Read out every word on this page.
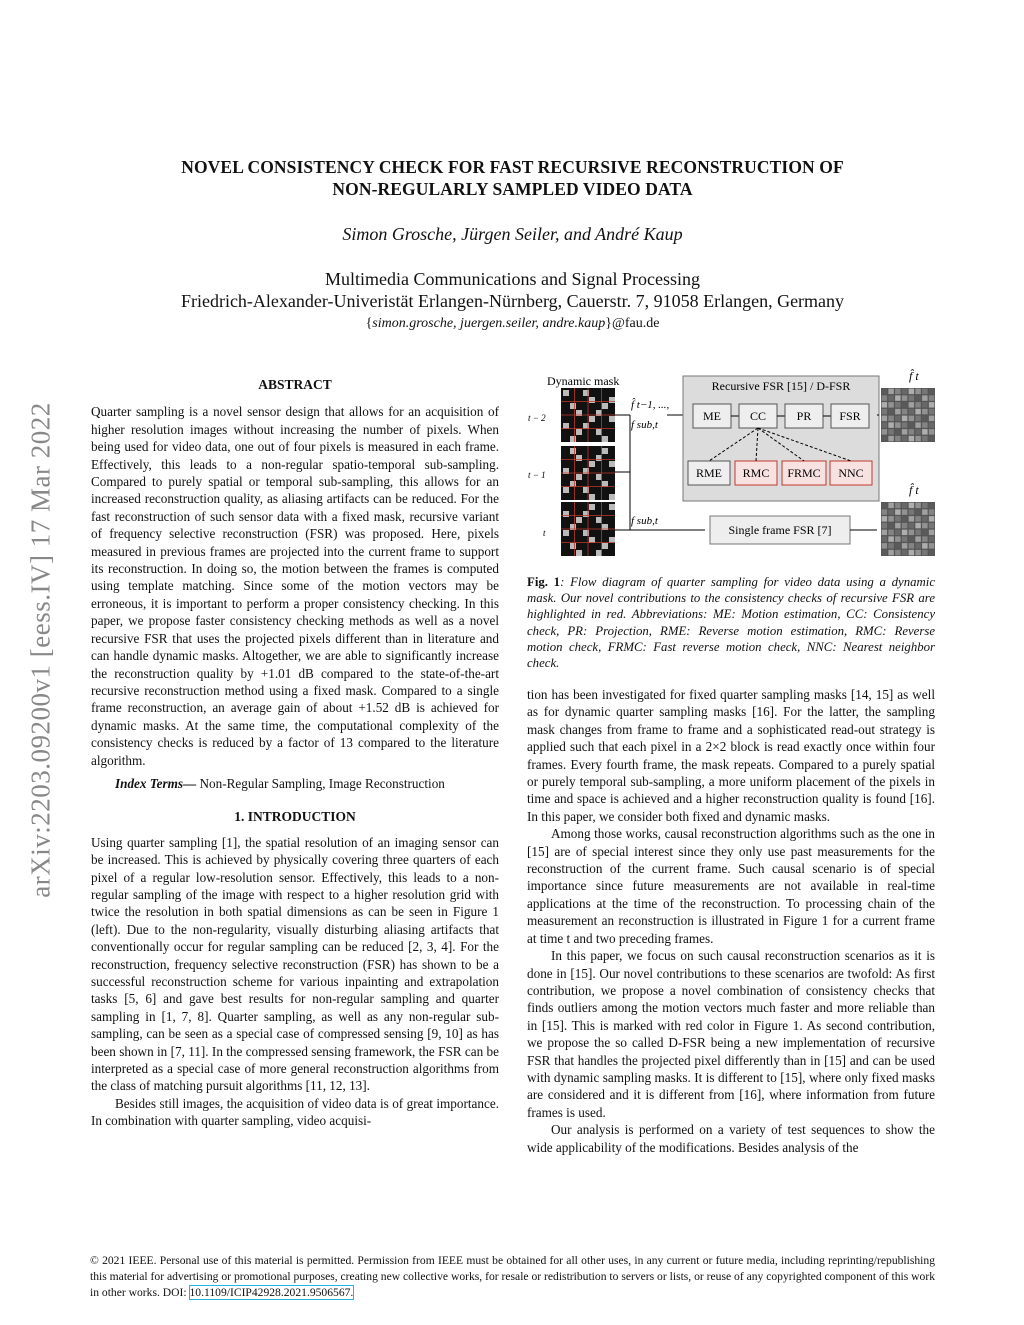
NOVEL CONSISTENCY CHECK FOR FAST RECURSIVE RECONSTRUCTION OF
NON-REGULARLY SAMPLED VIDEO DATA
Simon Grosche, Jürgen Seiler, and André Kaup
Multimedia Communications and Signal Processing
Friedrich-Alexander-Univeristät Erlangen-Nürnberg, Cauerstr. 7, 91058 Erlangen, Germany
{simon.grosche, juergen.seiler, andre.kaup}@fau.de
arXiv:2203.09200v1 [eess.IV] 17 Mar 2022
ABSTRACT

Quarter sampling is a novel sensor design that allows for an acquisition of higher resolution images without increasing the number of pixels. When being used for video data, one out of four pixels is measured in each frame. Effectively, this leads to a non-regular spatio-temporal sub-sampling. Compared to purely spatial or temporal sub-sampling, this allows for an increased reconstruction quality, as aliasing artifacts can be reduced. For the fast reconstruction of such sensor data with a fixed mask, recursive variant of frequency selective reconstruction (FSR) was proposed. Here, pixels measured in previous frames are projected into the current frame to support its reconstruction. In doing so, the motion between the frames is computed using template matching. Since some of the motion vectors may be erroneous, it is important to perform a proper consistency checking. In this paper, we propose faster consistency checking methods as well as a novel recursive FSR that uses the projected pixels different than in literature and can handle dynamic masks. Altogether, we are able to significantly increase the reconstruction quality by +1.01 dB compared to the state-of-the-art recursive reconstruction method using a fixed mask. Compared to a single frame reconstruction, an average gain of about +1.52 dB is achieved for dynamic masks. At the same time, the computational complexity of the consistency checks is reduced by a factor of 13 compared to the literature algorithm.

Index Terms— Non-Regular Sampling, Image Reconstruction

1. INTRODUCTION

Using quarter sampling [1], the spatial resolution of an imaging sensor can be increased. This is achieved by physically covering three quarters of each pixel of a regular low-resolution sensor. Effectively, this leads to a non-regular sampling of the image with respect to a higher resolution grid with twice the resolution in both spatial dimensions as can be seen in Figure 1 (left). Due to the non-regularity, visually disturbing aliasing artifacts that conventionally occur for regular sampling can be reduced [2, 3, 4]. For the reconstruction, frequency selective reconstruction (FSR) has shown to be a successful reconstruction scheme for various inpainting and extrapolation tasks [5, 6] and gave best results for non-regular sampling and quarter sampling in [1, 7, 8]. Quarter sampling, as well as any non-regular sub-sampling, can be seen as a special case of compressed sensing [9, 10] as has been shown in [7, 11]. In the compressed sensing framework, the FSR can be interpreted as a special case of more general reconstruction algorithms from the class of matching pursuit algorithms [11, 12, 13].

Besides still images, the acquisition of video data is of great importance. In combination with quarter sampling, video acquisi-

Dynamic mask
t − 2
t − 1
t
f̂ t−1, ...,
f sub,t
f sub,t
Recursive FSR [15] / D-FSR
ME CC	PR FSR
RME RMC FRMC NNC
Single frame FSR [7]
f̂ t
f̂ t
Fig. 1: Flow diagram of quarter sampling for video data using a dynamic mask. Our novel contributions to the consistency checks of recursive FSR are highlighted in red. Abbreviations: ME: Motion estimation, CC: Consistency check, PR: Projection, RME: Reverse motion estimation, RMC: Reverse motion check, FRMC: Fast reverse motion check, NNC: Nearest neighbor check.

tion has been investigated for fixed quarter sampling masks [14, 15] as well as for dynamic quarter sampling masks [16]. For the latter, the sampling mask changes from frame to frame and a sophisticated read-out strategy is applied such that each pixel in a 2×2 block is read exactly once within four frames. Every fourth frame, the mask repeats. Compared to a purely spatial or purely temporal sub-sampling, a more uniform placement of the pixels in time and space is achieved and a higher reconstruction quality is found [16]. In this paper, we consider both fixed and dynamic masks.

Among those works, causal reconstruction algorithms such as the one in [15] are of special interest since they only use past measurements for the reconstruction of the current frame. Such causal scenario is of special importance since future measurements are not available in real-time applications at the time of the reconstruction. To processing chain of the measurement an reconstruction is illustrated in Figure 1 for a current frame at time t and two preceding frames.

In this paper, we focus on such causal reconstruction scenarios as it is done in [15]. Our novel contributions to these scenarios are twofold: As first contribution, we propose a novel combination of consistency checks that finds outliers among the motion vectors much faster and more reliable than in [15]. This is marked with red color in Figure 1. As second contribution, we propose the so called D-FSR being a new implementation of recursive FSR that handles the projected pixel differently than in [15] and can be used with dynamic sampling masks. It is different to [15], where only fixed masks are considered and it is different from [16], where information from future frames is used.

Our analysis is performed on a variety of test sequences to show the wide applicability of the modifications. Besides analysis of the

© 2021 IEEE. Personal use of this material is permitted. Permission from IEEE must be obtained for all other uses, in any current or future media, including reprinting/republishing this material for advertising or promotional purposes, creating new collective works, for resale or redistribution to servers or lists, or reuse of any copyrighted component of this work in other works. DOI: 10.1109/ICIP42928.2021.9506567.
